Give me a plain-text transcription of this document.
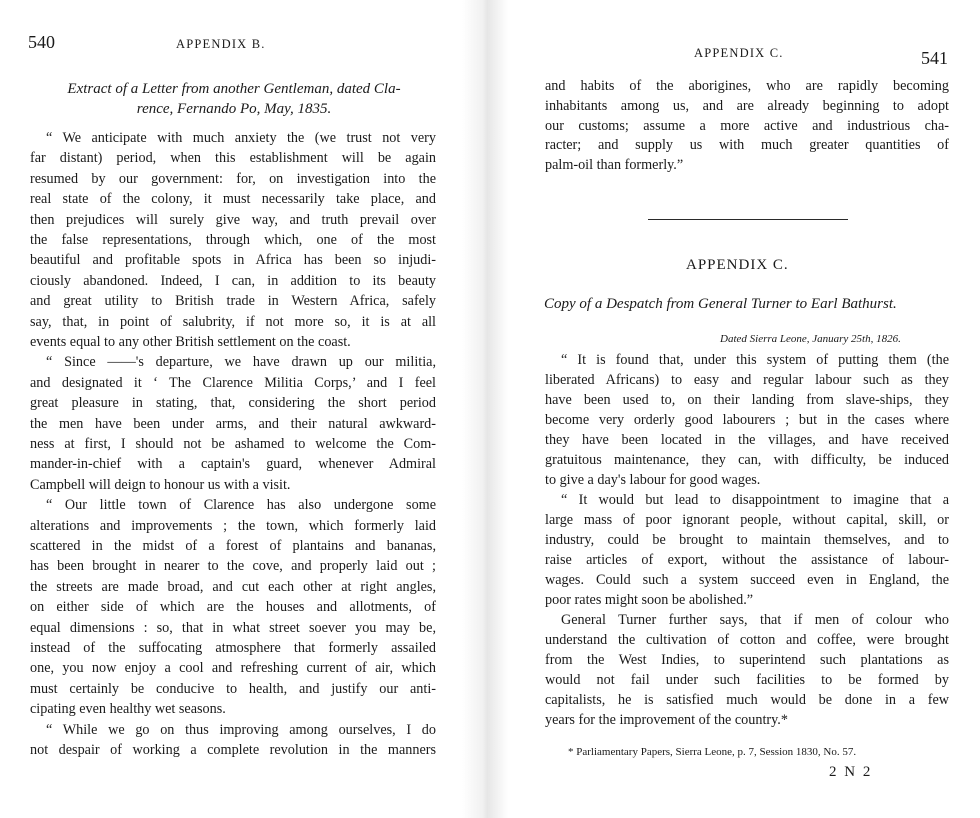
540	APPENDIX B.
Extract of a Letter from another Gentleman, dated Cla-
rence, Fernando Po, May, 1835.
“ We anticipate with much anxiety the (we trust not very
far distant) period, when this establishment will be again
resumed by our government: for, on investigation into the
real state of the colony, it must necessarily take place, and
then prejudices will surely give way, and truth prevail over
the false representations, through which, one of the most
beautiful and profitable spots in Africa has been so injudi-
ciously abandoned. Indeed, I can, in addition to its beauty
and great utility to British trade in Western Africa, safely
say, that, in point of salubrity, if not more so, it is at all
events equal to any other British settlement on the coast.
“ Since ——'s departure, we have drawn up our militia,
and designated it ‘ The Clarence Militia Corps,’ and I feel
great pleasure in stating, that, considering the short period
the men have been under arms, and their natural awkward-
ness at first, I should not be ashamed to welcome the Com-
mander-in-chief with a captain's guard, whenever Admiral
Campbell will deign to honour us with a visit.
“ Our little town of Clarence has also undergone some
alterations and improvements ; the town, which formerly laid
scattered in the midst of a forest of plantains and bananas,
has been brought in nearer to the cove, and properly laid out ;
the streets are made broad, and cut each other at right angles,
on either side of which are the houses and allotments, of
equal dimensions : so, that in what street soever you may be,
instead of the suffocating atmosphere that formerly assailed
one, you now enjoy a cool and refreshing current of air, which
must certainly be conducive to health, and justify our anti-
cipating even healthy wet seasons.
“ While we go on thus improving among ourselves, I do
not despair of working a complete revolution in the manners
APPENDIX C.	541
and habits of the aborigines, who are rapidly becoming
inhabitants among us, and are already beginning to adopt
our customs; assume a more active and industrious cha-
racter; and supply us with much greater quantities of
palm-oil than formerly.”
APPENDIX C.
Copy of a Despatch from General Turner to Earl Bathurst.
Dated Sierra Leone, January 25th, 1826.
“ It is found that, under this system of putting them (the
liberated Africans) to easy and regular labour such as they
have been used to, on their landing from slave-ships, they
become very orderly good labourers ; but in the cases where
they have been located in the villages, and have received
gratuitous maintenance, they can, with difficulty, be induced
to give a day's labour for good wages.
“ It would but lead to disappointment to imagine that a
large mass of poor ignorant people, without capital, skill, or
industry, could be brought to maintain themselves, and to
raise articles of export, without the assistance of labour-
wages. Could such a system succeed even in England, the
poor rates might soon be abolished.”
General Turner further says, that if men of colour who
understand the cultivation of cotton and coffee, were brought
from the West Indies, to superintend such plantations as
would not fail under such facilities to be formed by
capitalists, he is satisfied much would be done in a few
years for the improvement of the country.*
* Parliamentary Papers, Sierra Leone, p. 7, Session 1830, No. 57.
2 N 2
